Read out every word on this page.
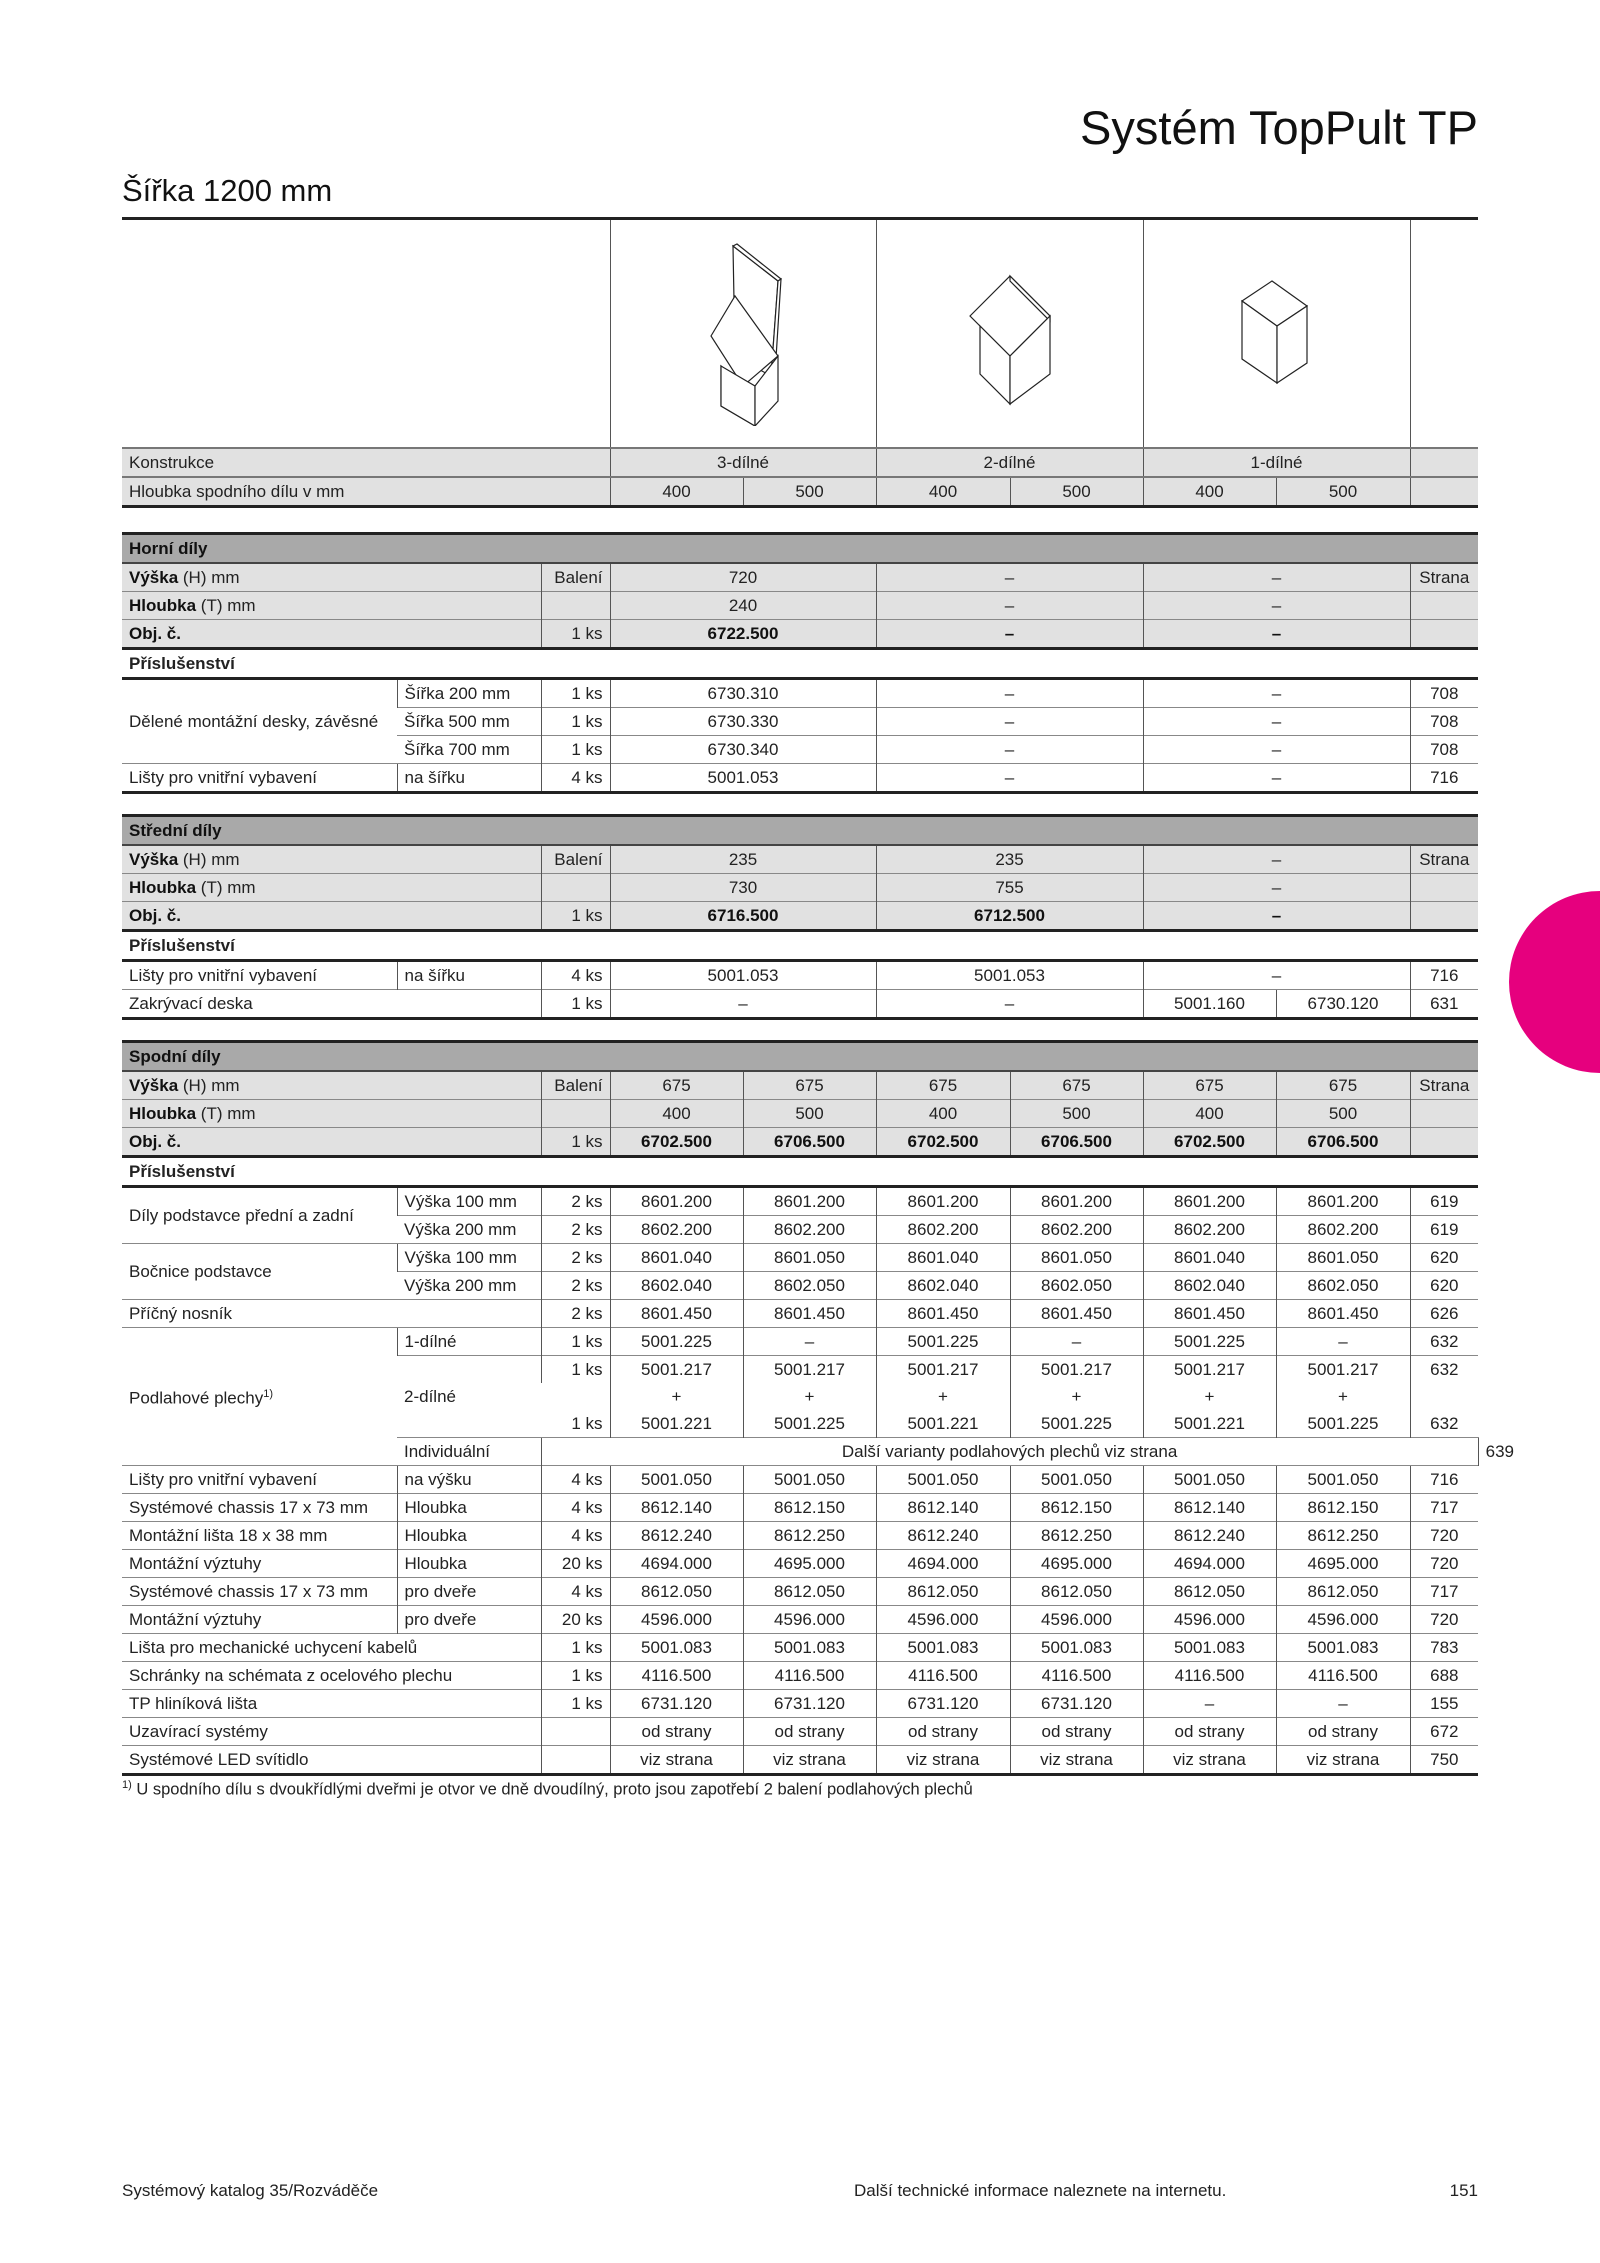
Systém TopPult TP
Šířka 1200 mm

Konstrukce	3-dílné		2-dílné		1-dílné		
Hloubka spodního dílu v mm	400	500	400	500	400	500	
Horní díly						
Výška (H) mm		Balení	720	–	–	Strana
Hloubka (T) mm			240	–	–	
Obj. č.		1 ks	6722.500	–	–	
Příslušenství						
Dělené montážní desky, závěsné	Šířka 200 mm	1 ks	6730.310	–	–	708
	Šířka 500 mm	1 ks	6730.330	–	–	708
	Šířka 700 mm	1 ks	6730.340	–	–	708
Lišty pro vnitřní vybavení	na šířku	4 ks	5001.053	–	–	716
Střední díly							
Výška (H) mm		Balení	235	235	–		Strana
Hloubka (T) mm			730	755	–		
Obj. č.		1 ks	6716.500	6712.500	–		
Příslušenství							
Lišty pro vnitřní vybavení	na šířku	4 ks	5001.053	5001.053	–		716
Zakrývací deska		1 ks	–	–	5001.160	6730.120	631
Spodní díly										
Výška (H) mm		Balení	675	675	675	675	675	675	Strana	
Hloubka (T) mm			400	500	400	500	400	500		
Obj. č.		1 ks	6702.500	6706.500	6702.500	6706.500	6702.500	6706.500		
Příslušenství										
Díly podstavce přední a zadní	Výška 100 mm	2 ks	8601.200	8601.200	8601.200	8601.200	8601.200	8601.200	619	
	Výška 200 mm	2 ks	8602.200	8602.200	8602.200	8602.200	8602.200	8602.200	619	
Bočnice podstavce	Výška 100 mm	2 ks	8601.040	8601.050	8601.040	8601.050	8601.040	8601.050	620	
	Výška 200 mm	2 ks	8602.040	8602.050	8602.040	8602.050	8602.040	8602.050	620	
Příčný nosník		2 ks	8601.450	8601.450	8601.450	8601.450	8601.450	8601.450	626	
Podlahové plechy$^{1)}$	1-dílné	1 ks	5001.225	–	5001.225	–	5001.225	–	632	
	2-dílné	1 ks	5001.217	5001.217	5001.217	5001.217	5001.217	5001.217	632	
			+	+	+	+	+	+		
		1 ks	5001.221	5001.225	5001.221	5001.225	5001.221	5001.225	632	
	Individuální	Další varianty podlahových plechů viz strana								639
Lišty pro vnitřní vybavení	na výšku	4 ks	5001.050	5001.050	5001.050	5001.050	5001.050	5001.050	716	
Systémové chassis 17 x 73 mm	Hloubka	4 ks	8612.140	8612.150	8612.140	8612.150	8612.140	8612.150	717	
Montážní lišta 18 x 38 mm	Hloubka	4 ks	8612.240	8612.250	8612.240	8612.250	8612.240	8612.250	720	
Montážní výztuhy	Hloubka	20 ks	4694.000	4695.000	4694.000	4695.000	4694.000	4695.000	720	
Systémové chassis 17 x 73 mm	pro dveře	4 ks	8612.050	8612.050	8612.050	8612.050	8612.050	8612.050	717	
Montážní výztuhy	pro dveře	20 ks	4596.000	4596.000	4596.000	4596.000	4596.000	4596.000	720	
Lišta pro mechanické uchycení kabelů		1 ks	5001.083	5001.083	5001.083	5001.083	5001.083	5001.083	783	
Schránky na schémata z ocelového plechu		1 ks	4116.500	4116.500	4116.500	4116.500	4116.500	4116.500	688	
TP hliníková lišta		1 ks	6731.120	6731.120	6731.120	6731.120	–	–	155	
Uzavírací systémy			od strany	od strany	od strany	od strany	od strany	od strany	672	
Systémové LED svítidlo			viz strana	viz strana	viz strana	viz strana	viz strana	viz strana	750	
$^{1)}$ U spodního dílu s dvoukřídlými dveřmi je otvor ve dně dvoudílný, proto jsou zapotřebí 2 balení podlahových plechů
Systémový katalog 35/Rozváděče	Další technické informace naleznete na internetu.	151
